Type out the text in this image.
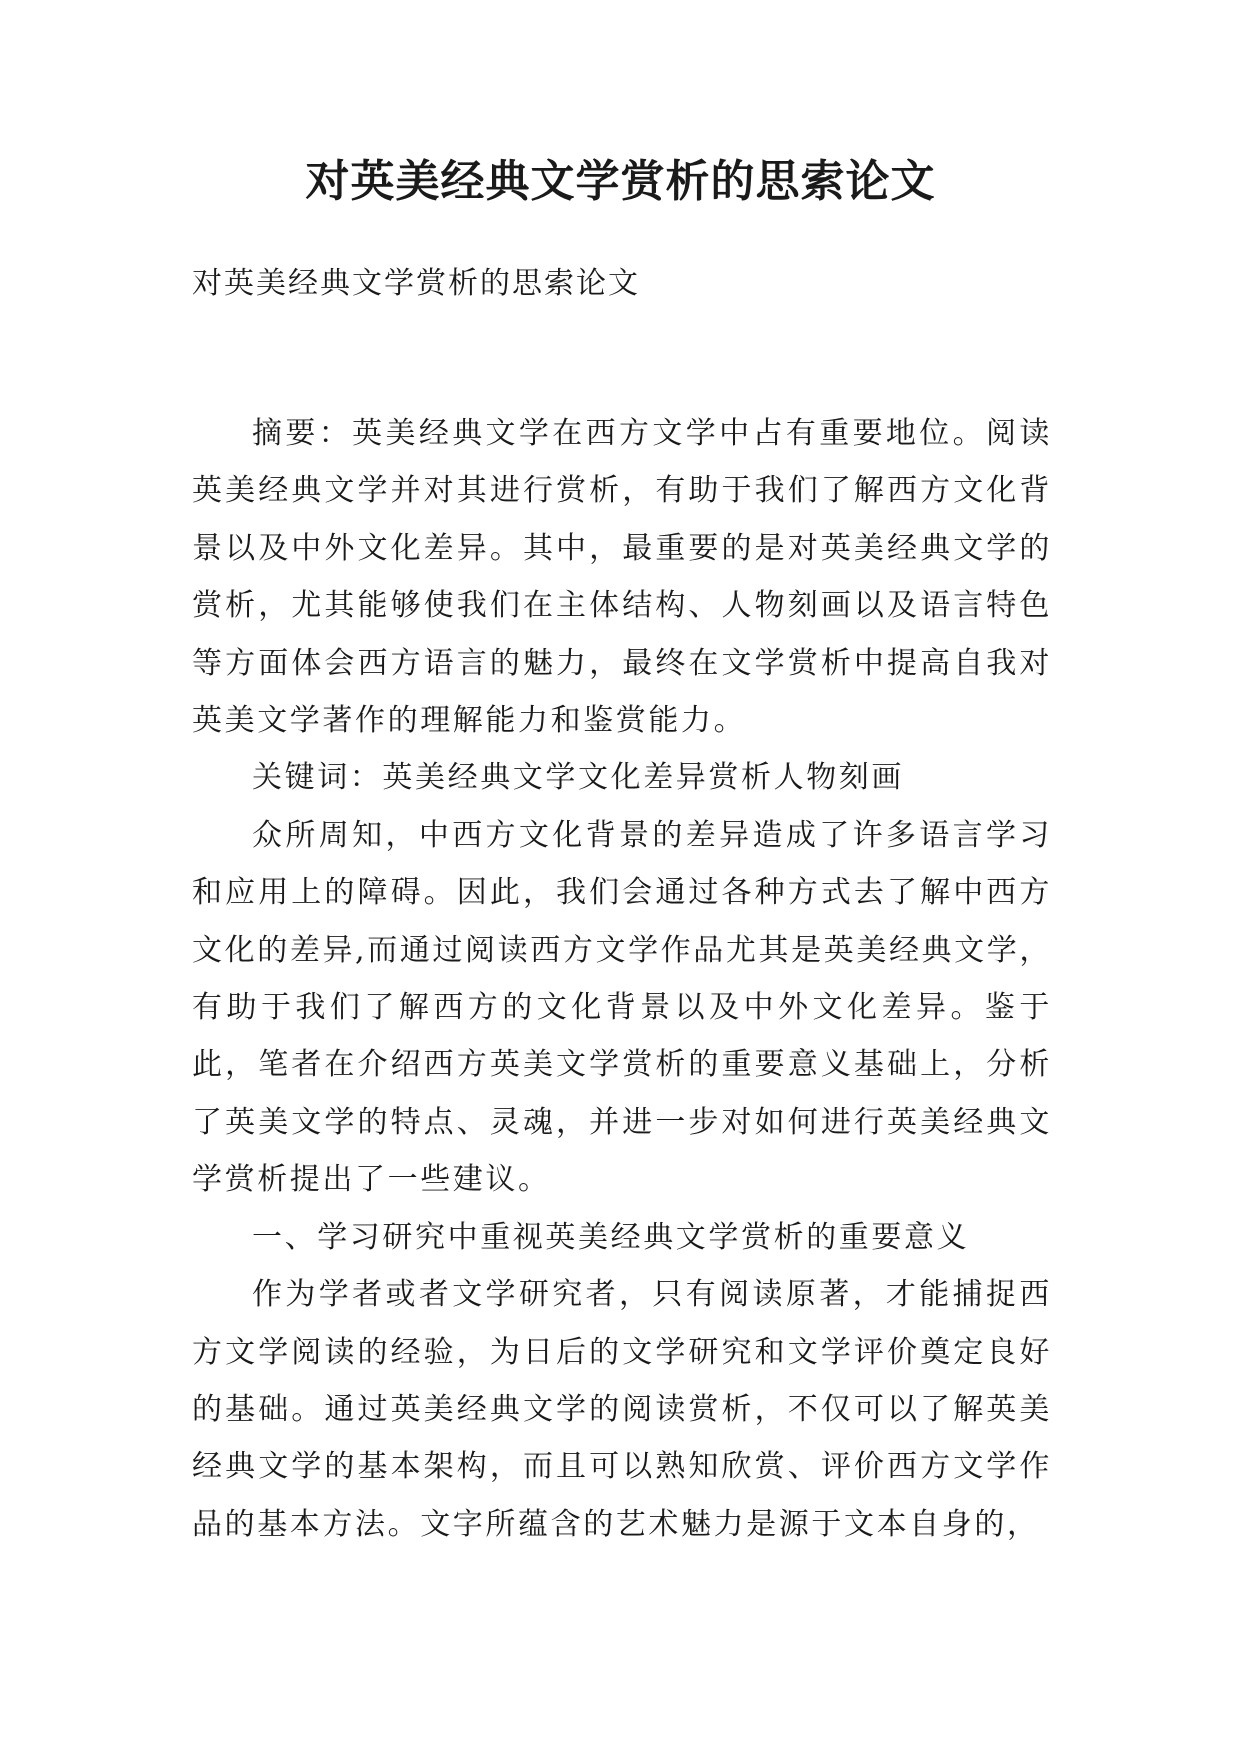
对英美经典文学赏析的思索论文

对英美经典文学赏析的思索论文

摘要：英美经典文学在西方文学中占有重要地位。阅读英美经典文学并对其进行赏析，有助于我们了解西方文化背景以及中外文化差异。其中，最重要的是对英美经典文学的赏析，尤其能够使我们在主体结构、人物刻画以及语言特色等方面体会西方语言的魅力，最终在文学赏析中提高自我对英美文学著作的理解能力和鉴赏能力。

关键词：英美经典文学文化差异赏析人物刻画

众所周知，中西方文化背景的差异造成了许多语言学习和应用上的障碍。因此，我们会通过各种方式去了解中西方文化的差异,而通过阅读西方文学作品尤其是英美经典文学，有助于我们了解西方的文化背景以及中外文化差异。鉴于此，笔者在介绍西方英美文学赏析的重要意义基础上，分析了英美文学的特点、灵魂，并进一步对如何进行英美经典文学赏析提出了一些建议。

一、学习研究中重视英美经典文学赏析的重要意义

作为学者或者文学研究者，只有阅读原著，才能捕捉西方文学阅读的经验，为日后的文学研究和文学评价奠定良好的基础。通过英美经典文学的阅读赏析，不仅可以了解英美经典文学的基本架构，而且可以熟知欣赏、评价西方文学作品的基本方法。文字所蕴含的艺术魅力是源于文本自身的，
